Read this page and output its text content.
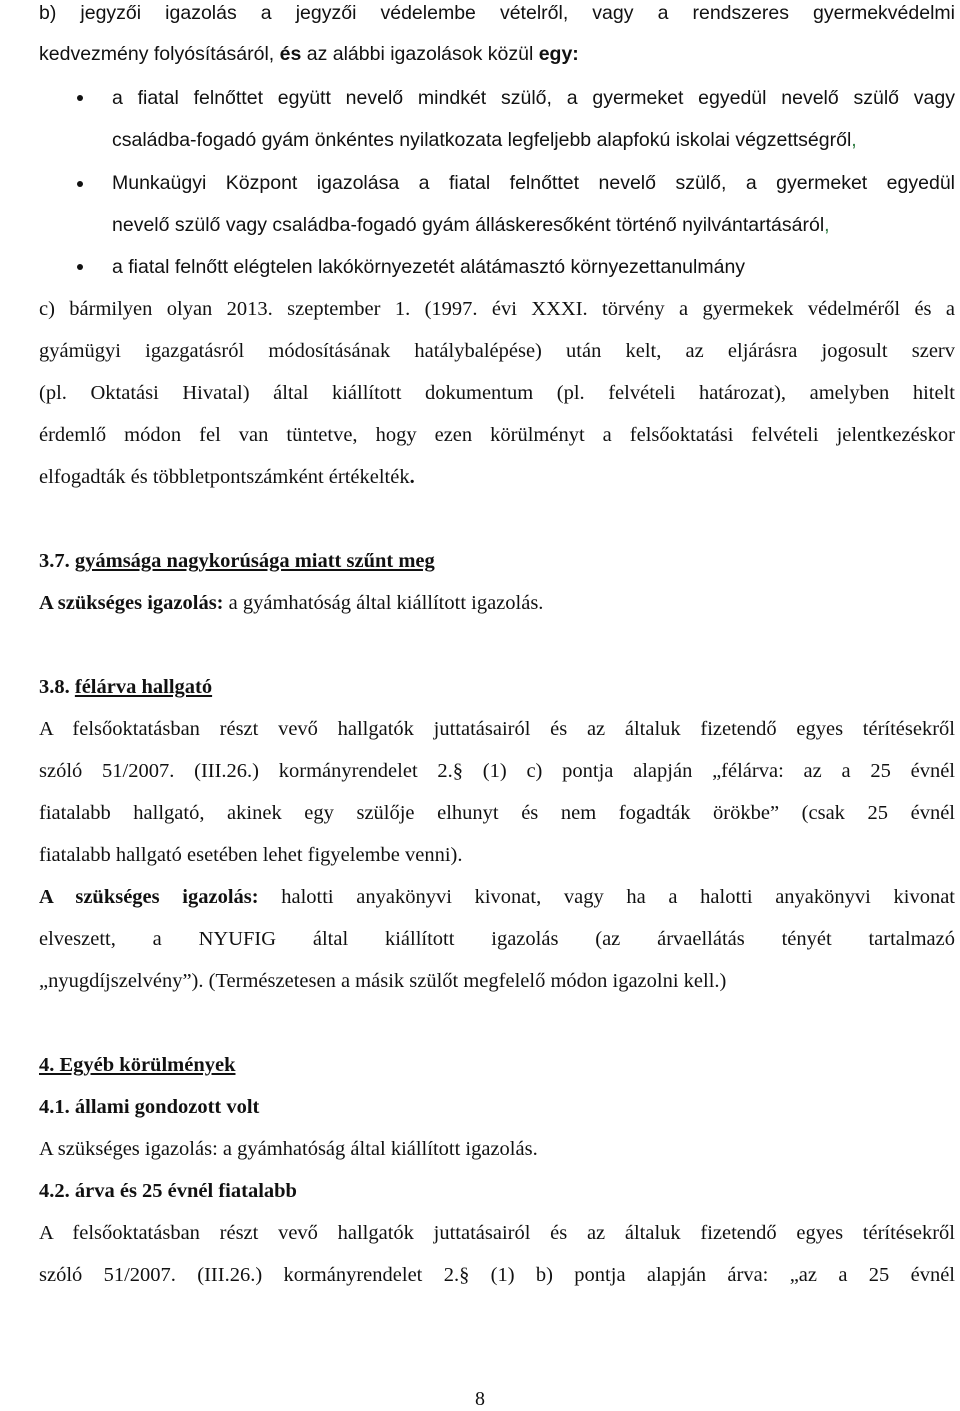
b) jegyzői igazolás a jegyzői védelembe vételről, vagy a rendszeres gyermekvédelmi
kedvezmény folyósításáról, és az alábbi igazolások közül egy:
a fiatal felnőttet együtt nevelő mindkét szülő, a gyermeket egyedül nevelő szülő vagy
családba-fogadó gyám önkéntes nyilatkozata legfeljebb alapfokú iskolai végzettségről,
Munkaügyi Központ igazolása a fiatal felnőttet nevelő szülő, a gyermeket egyedül
nevelő szülő vagy családba-fogadó gyám álláskeresőként történő nyilvántartásáról,
a fiatal felnőtt elégtelen lakókörnyezetét alátámasztó környezettanulmány
c) bármilyen olyan 2013. szeptember 1. (1997. évi XXXI. törvény a gyermekek védelméről és a
gyámügyi igazgatásról módosításának hatálybalépése) után kelt, az eljárásra jogosult szerv
(pl. Oktatási Hivatal) által kiállított dokumentum (pl. felvételi határozat), amelyben hitelt
érdemlő módon fel van tüntetve, hogy ezen körülményt a felsőoktatási felvételi jelentkezéskor
elfogadták és többletpontszámként értékelték.
3.7. gyámsága nagykorúsága miatt szűnt meg
A szükséges igazolás: a gyámhatóság által kiállított igazolás.
3.8. félárva hallgató
A felsőoktatásban részt vevő hallgatók juttatásairól és az általuk fizetendő egyes térítésekről
szóló 51/2007. (III.26.) kormányrendelet 2.§ (1) c) pontja alapján „félárva: az a 25 évnél
fiatalabb hallgató, akinek egy szülője elhunyt és nem fogadták örökbe” (csak 25 évnél
fiatalabb hallgató esetében lehet figyelembe venni).
A szükséges igazolás: halotti anyakönyvi kivonat, vagy ha a halotti anyakönyvi kivonat
elveszett, a NYUFIG által kiállított igazolás (az árvaellátás tényét tartalmazó
„nyugdíjszelvény”). (Természetesen a másik szülőt megfelelő módon igazolni kell.)
4. Egyéb körülmények
4.1. állami gondozott volt
A szükséges igazolás: a gyámhatóság által kiállított igazolás.
4.2. árva és 25 évnél fiatalabb
A felsőoktatásban részt vevő hallgatók juttatásairól és az általuk fizetendő egyes térítésekről
szóló 51/2007. (III.26.) kormányrendelet 2.§ (1) b) pontja alapján árva: „az a 25 évnél
8
